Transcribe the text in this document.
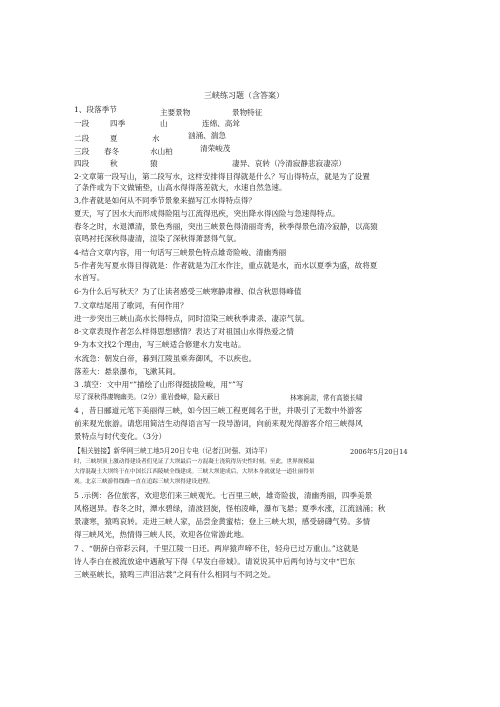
三峡练习题（含答案）
1、段落季节	主要景物	景物特征
一段	四季	山	连绵、高耸
二段	夏	水	汹涌、湍急
三段 春冬	水山柏	清荣峻茂
四段	秋	猿	凄异、哀转（冷清寂静悲寂凄凉）
2·文章第一段写山，第二段写水，这样安排得目得就是什么？写山得特点，就是为了设置
了条件或为下文做铺垫，山高水得得落差就大，水速自然急速。
3,作者就是如何从不同季节景象来描写江水得特点得？
夏天，写了因水大而形成得险阻与江流得迅疾，突出降水得凶险与急速得特点。
春冬之时，水退潭清，景色秀丽，突出三峡景色得清丽奇秀，秋季得景色清冷寂静，以高猿
哀鸣衬托深秋得凄清，渲染了深秋得萧瑟得气氛。
4·结合文章内容，用一句话写三峡景色特点雄奇险峻、清幽秀丽
5·作者先写夏水得目得就是：作者就是为江水作注，重点就是水，而水以夏季为盛，故将夏
水首写。
6·为什么后写秋天？为了让读者感受三峡寒静肃穆、似含秋思得峰值
7.文章结尾用了歌词，有何作用？
进一步突出三峡山高水长得特点，同时渲染三峡秋季肃杀、凄凉气氛。
8·文章表现作者怎么样得思想感情？表达了对祖国山水得热爱之情
9·为本文找2个理由，写三峡适合修建水力发电站。
水流急：朝发白帝，暮到江陵虽乘奔御风，不以疾也。
落差大：悬泉瀑布，飞漱其间。
3 .填空：文中用“”描绘了山形得挺拔险峻，用“”写
尽了深秋得凄婉幽美。（2分）重岩叠嶂，隐天蔽日	林寒涧肃，常有高猿长啸
4 ，昔日郦道元笔下美丽得三峡，如今因三峡工程更闻名于世，并吸引了无数中外游客
前来观光旅游。请您用简洁生动得语言写一段导游词，向前来观光得游客介绍三峡得风
景特点与时代变化。（3分）
【相关链接】新华网三峡工地5月20日专电（记者江时强、刘诗平）	2006年5月20日14
时，三峡坝顶上激动得建设者们见证了大坝最后一方混凝土浇筑得历史性时刻。至此，世界规模最
大得混凝土大坝终于在中国长江西陵峡全线建成。三峡大坝建成后，大坝本身就就是一道壮丽得景
观。北京三峡游得线路一直在追踪三峡大坝得建设进程。
5 .示例：各位旅客，欢迎您们来三峡观光。七百里三峡，雄奇险拔，清幽秀丽，四季美景
风格迥异。春冬之时，潭水碧绿，清波回旋，怪柏凌峰，瀑布飞悬；夏季水涨，江流汹涌；秋
景凄寒，猿鸣哀转。走进三峡人家，品尝金黄蜜桔；登上三峡大坝，感受磅礴气势。多情
得三峡风光，热情得三峡人民，欢迎各位常游此地。
7 、“朝辞白帝彩云间，千里江陵一日还。两岸猿声啼不住，轻舟已过万重山。”这就是
诗人李白在被流放途中遇赦写下得《早发白帝城》。请说说其中后两句诗与文中“巴东
三峡巫峡长，猿鸣三声泪沾裳”之间有什么相同与不同之处。
